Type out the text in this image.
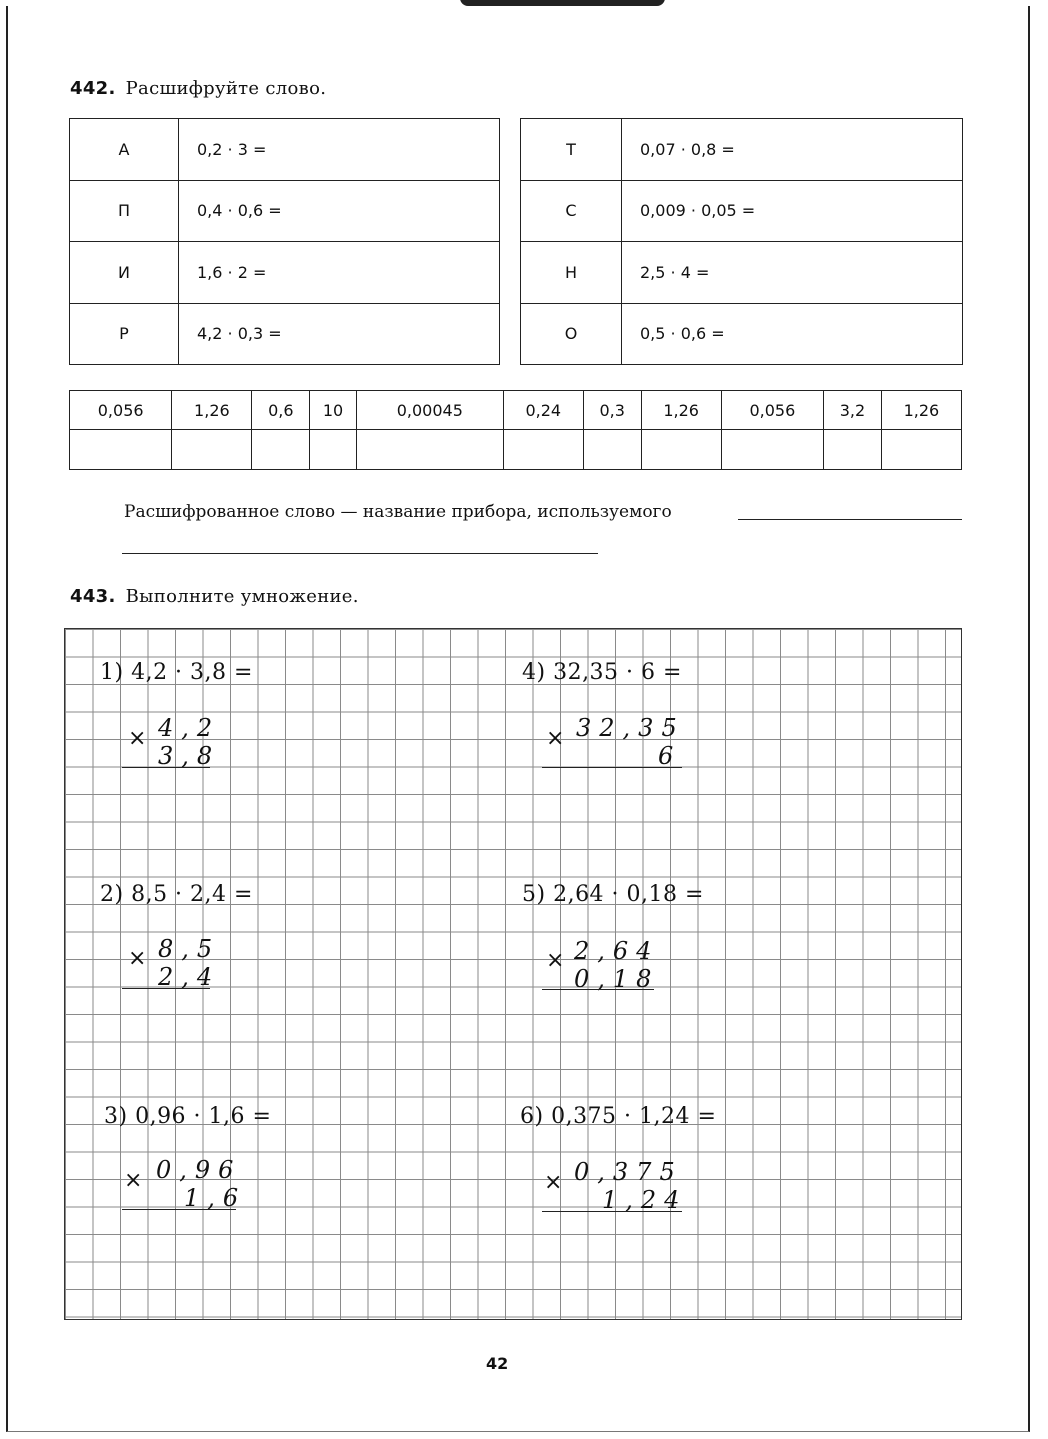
442. Расшифруйте слово.
А	0,2 · 3 =		Т	0,07 · 0,8 =
П	0,4 · 0,6 =		С	0,009 · 0,05 =
И	1,6 · 2 =		Н	2,5 · 4 =
Р	4,2 · 0,3 =		О	0,5 · 0,6 =
0,056	1,26	0,6	10	0,00045	0,24	0,3	1,26	0,056	3,2	1,26

Расшифрованное слово — название прибора, используемого
443. Выполните умножение.
1) 4,2 · 3,8 =
× 4,2
3,8
2) 8,5 · 2,4 =
× 8,5
2,4
3) 0,96 · 1,6 =
× 0,96
1,6
4) 32,35 · 6 =
× 32,35
6
5) 2,64 · 0,18 =
× 2,64
0,18
6) 0,375 · 1,24 =
× 0,375
1,24
42
